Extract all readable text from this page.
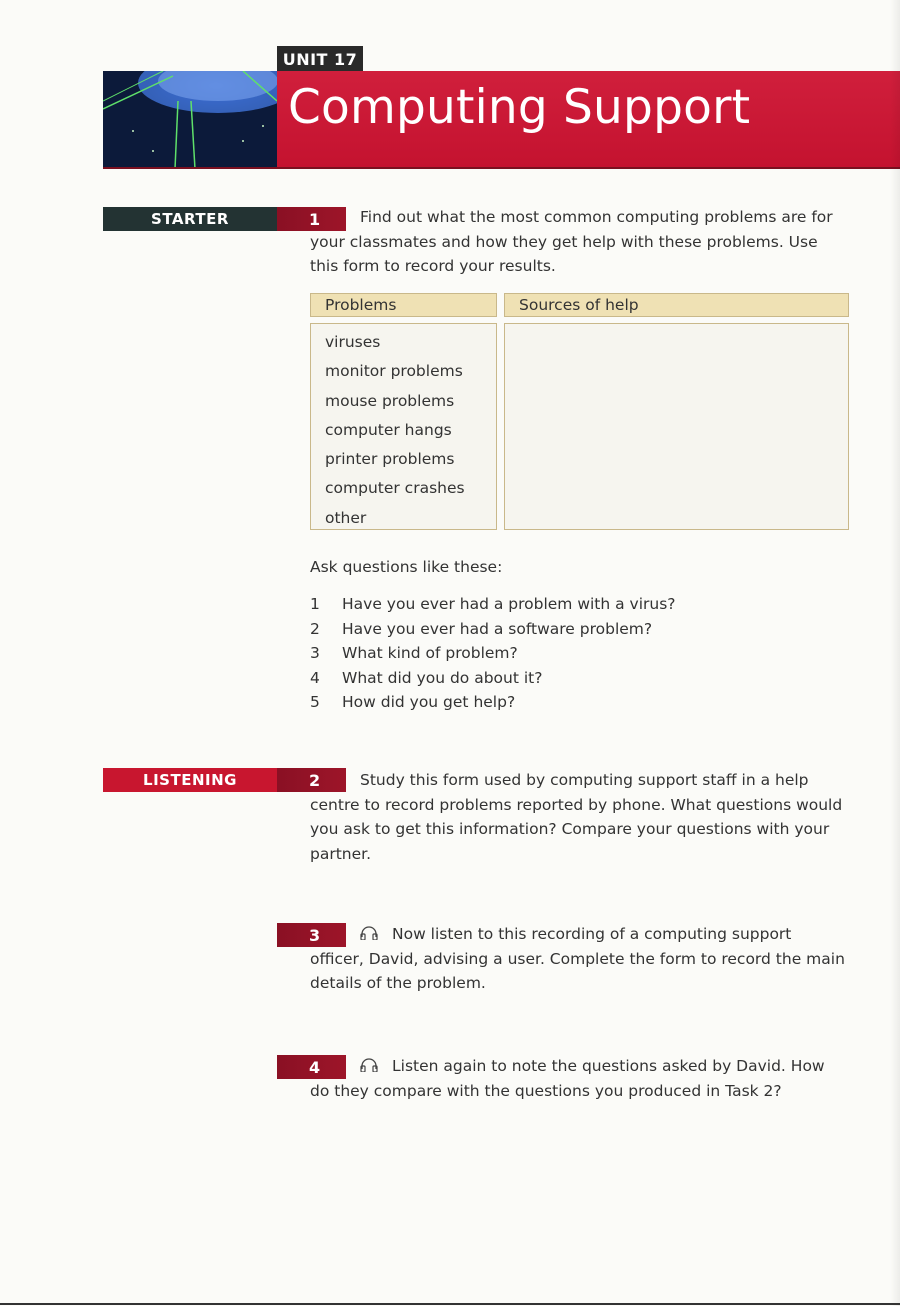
UNIT 17
Computing Support
STARTER	1	Find out what the most common computing problems are for
your classmates and how they get help with these problems. Use
this form to record your results.
Problems	Sources of help
viruses
monitor problems
mouse problems
computer hangs
printer problems
computer crashes
other
Ask questions like these:
1	Have you ever had a problem with a virus?
2	Have you ever had a software problem?
3	What kind of problem?
4	What did you do about it?
5	How did you get help?
LISTENING	2	Study this form used by computing support staff in a help
centre to record problems reported by phone. What questions would
you ask to get this information? Compare your questions with your
partner.
3	Now listen to this recording of a computing support
officer, David, advising a user. Complete the form to record the main
details of the problem.
4	Listen again to note the questions asked by David. How
do they compare with the questions you produced in Task 2?
